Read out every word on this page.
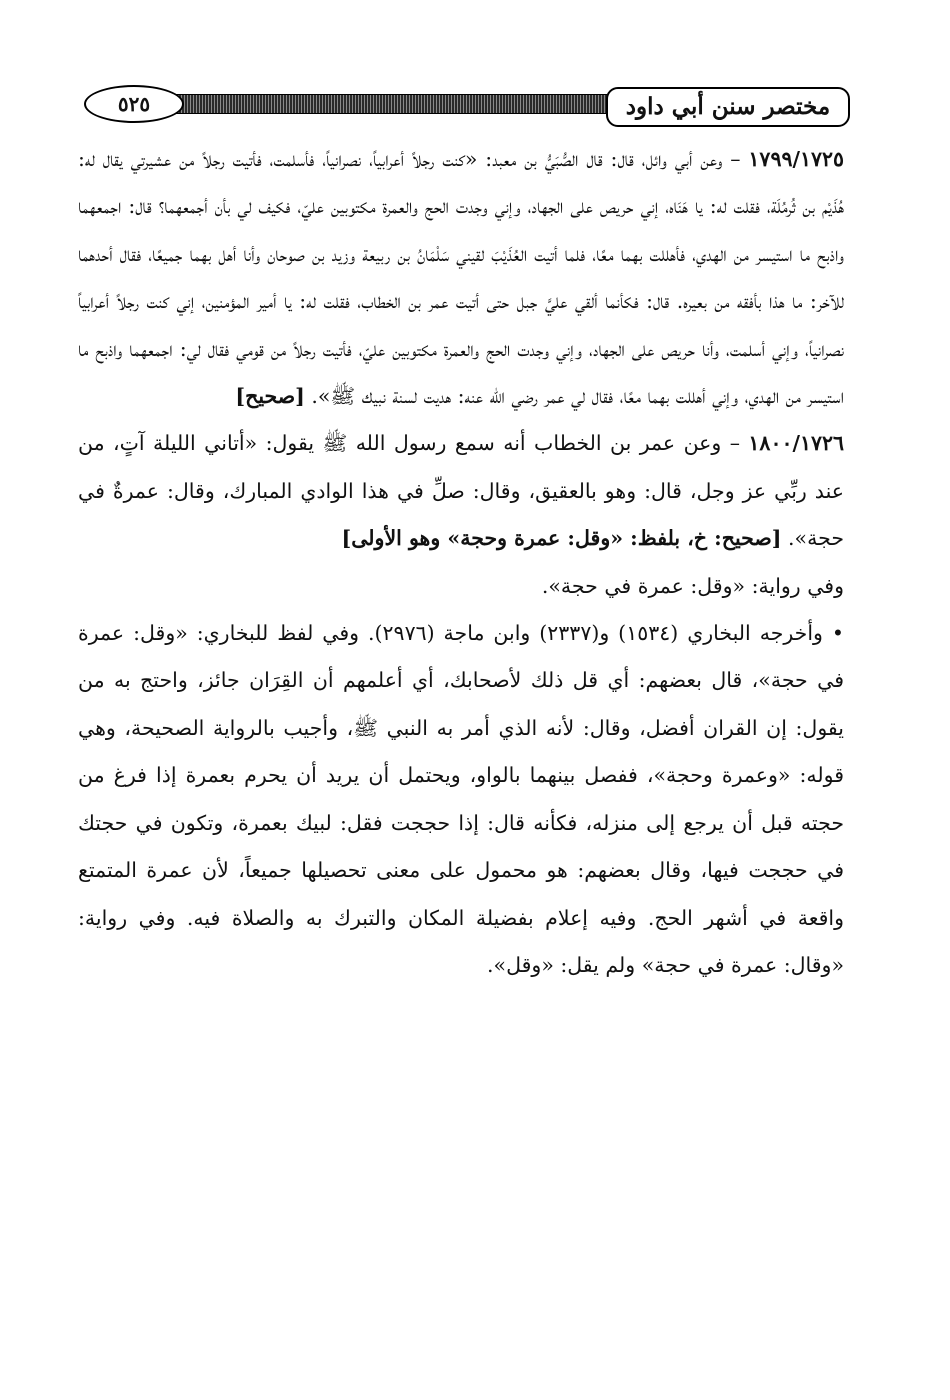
٥٢٥	مختصر سنن أبي داود

١٧٩٩/١٧٢٥ – وعن أبي وائل، قال: قال الصُّبَيُّ بن معبد: «كنت رجلاً أعرابياً، نصرانياً، فأسلمت، فأتيت رجلاً من عشيرتي يقال له: هُذَيْم بن ثُرمُلَة، فقلت له: يا هَنَاه، إني حريص على الجهاد، وإني وجدت الحج والعمرة مكتوبين عليّ، فكيف لي بأن أجمعهما؟ قال: اجمعهما واذبح ما استيسر من الهدي، فأهللت بهما معًا، فلما أتيت العُذَيْبَ لقيني سَلْمَانُ بن ربيعة وزيد بن صوحان وأنا أهل بهما جميعًا، فقال أحدهما للآخر: ما هذا بأفقه من بعيره. قال: فكأنما ألقي عليَّ جبل حتى أتيت عمر بن الخطاب، فقلت له: يا أمير المؤمنين، إني كنت رجلاً أعرابياً نصرانياً، وإني أسلمت، وأنا حريص على الجهاد، وإني وجدت الحج والعمرة مكتوبين عليّ، فأتيت رجلاً من قومي فقال لي: اجمعهما واذبح ما استيسر من الهدي، وإني أهللت بهما معًا، فقال لي عمر رضي الله عنه: هديت لسنة نبيك ﷺ». [صحيح]

١٨٠٠/١٧٢٦ – وعن عمر بن الخطاب أنه سمع رسول الله ﷺ يقول: «أتاني الليلة آتٍ، من عند ربِّي عز وجل، قال: وهو بالعقيق، وقال: صلِّ في هذا الوادي المبارك، وقال: عمرةٌ في حجة». [صحيح: خ، بلفظ: «وقل: عمرة وحجة» وهو الأولى]

وفي رواية: «وقل: عمرة في حجة».

• وأخرجه البخاري (١٥٣٤) و(٢٣٣٧) وابن ماجة (٢٩٧٦). وفي لفظ للبخاري: «وقل: عمرة في حجة»، قال بعضهم: أي قل ذلك لأصحابك، أي أعلمهم أن القِرَان جائز، واحتج به من يقول: إن القران أفضل، وقال: لأنه الذي أمر به النبي ﷺ، وأجيب بالرواية الصحيحة، وهي قوله: «وعمرة وحجة»، ففصل بينهما بالواو، ويحتمل أن يريد أن يحرم بعمرة إذا فرغ من حجته قبل أن يرجع إلى منزله، فكأنه قال: إذا حججت فقل: لبيك بعمرة، وتكون في حجتك في حججت فيها، وقال بعضهم: هو محمول على معنى تحصيلها جميعاً، لأن عمرة المتمتع واقعة في أشهر الحج. وفيه إعلام بفضيلة المكان والتبرك به والصلاة فيه. وفي رواية: «وقال: عمرة في حجة» ولم يقل: «وقل».
